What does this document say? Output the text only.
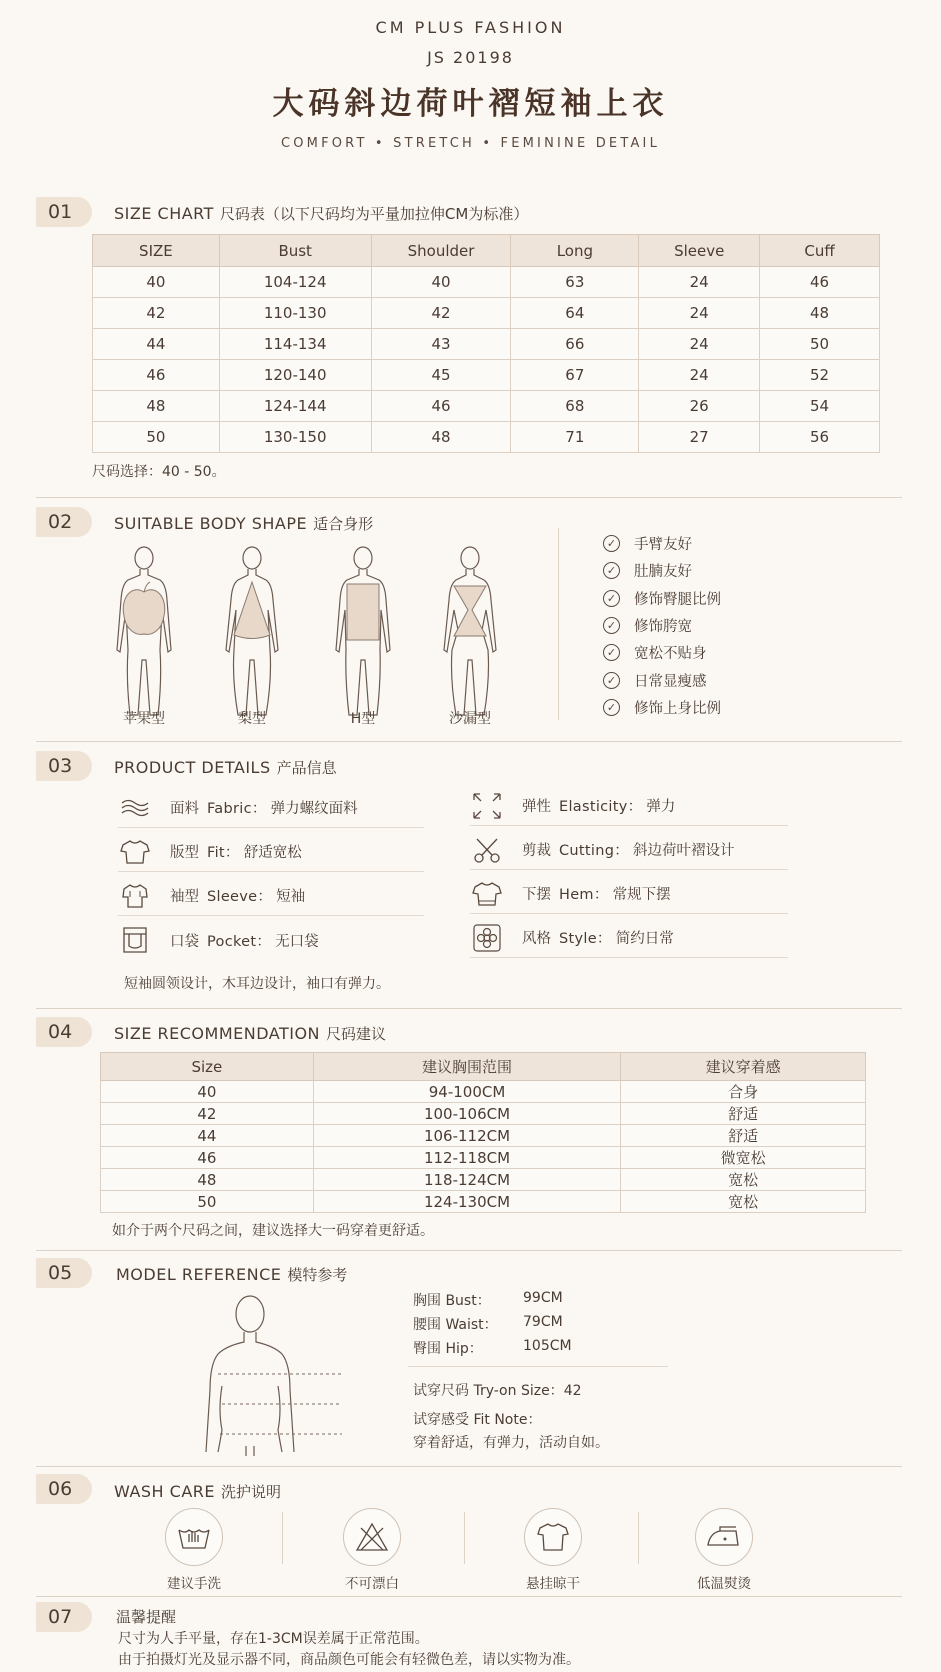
CM PLUS FASHION
JS 20198
大码斜边荷叶褶短袖上衣
COMFORT • STRETCH • FEMININE DETAIL
01	SIZE CHART 尺码表（以下尺码均为平量加拉伸CM为标准）
SIZE	Bust	Shoulder	Long	Sleeve	Cuff
40	104-124	40	63	24	46
42	110-130	42	64	24	48
44	114-134	43	66	24	50
46	120-140	45	67	24	52
48	124-144	46	68	26	54
50	130-150	48	71	27	56
尺码选择：40 - 50。
02	SUITABLE BODY SHAPE 适合身形
苹果型	梨型	H型	沙漏型
✓ 手臂友好
✓ 肚腩友好
✓ 修饰臀腿比例
✓ 修饰胯宽
✓ 宽松不贴身
✓ 日常显瘦感
✓ 修饰上身比例
03	PRODUCT DETAILS 产品信息
面料 Fabric： 弹力螺纹面料
版型 Fit： 舒适宽松
袖型 Sleeve： 短袖
口袋 Pocket： 无口袋
弹性 Elasticity： 弹力
剪裁 Cutting： 斜边荷叶褶设计
下摆 Hem： 常规下摆
风格 Style： 简约日常
短袖圆领设计，木耳边设计，袖口有弹力。
04	SIZE RECOMMENDATION 尺码建议
Size	建议胸围范围	建议穿着感
40	94-100CM	合身
42	100-106CM	舒适
44	106-112CM	舒适
46	112-118CM	微宽松
48	118-124CM	宽松
50	124-130CM	宽松
如介于两个尺码之间，建议选择大一码穿着更舒适。
05	MODEL REFERENCE 模特参考
胸围 Bust： 99CM
腰围 Waist： 79CM
臀围 Hip：	105CM
试穿尺码 Try-on Size：42
试穿感受 Fit Note：
穿着舒适，有弹力，活动自如。
06	WASH CARE 洗护说明
建议手洗	不可漂白	悬挂晾干	低温熨烫
07	温馨提醒
尺寸为人手平量，存在1-3CM误差属于正常范围。
由于拍摄灯光及显示器不同，商品颜色可能会有轻微色差，请以实物为准。
